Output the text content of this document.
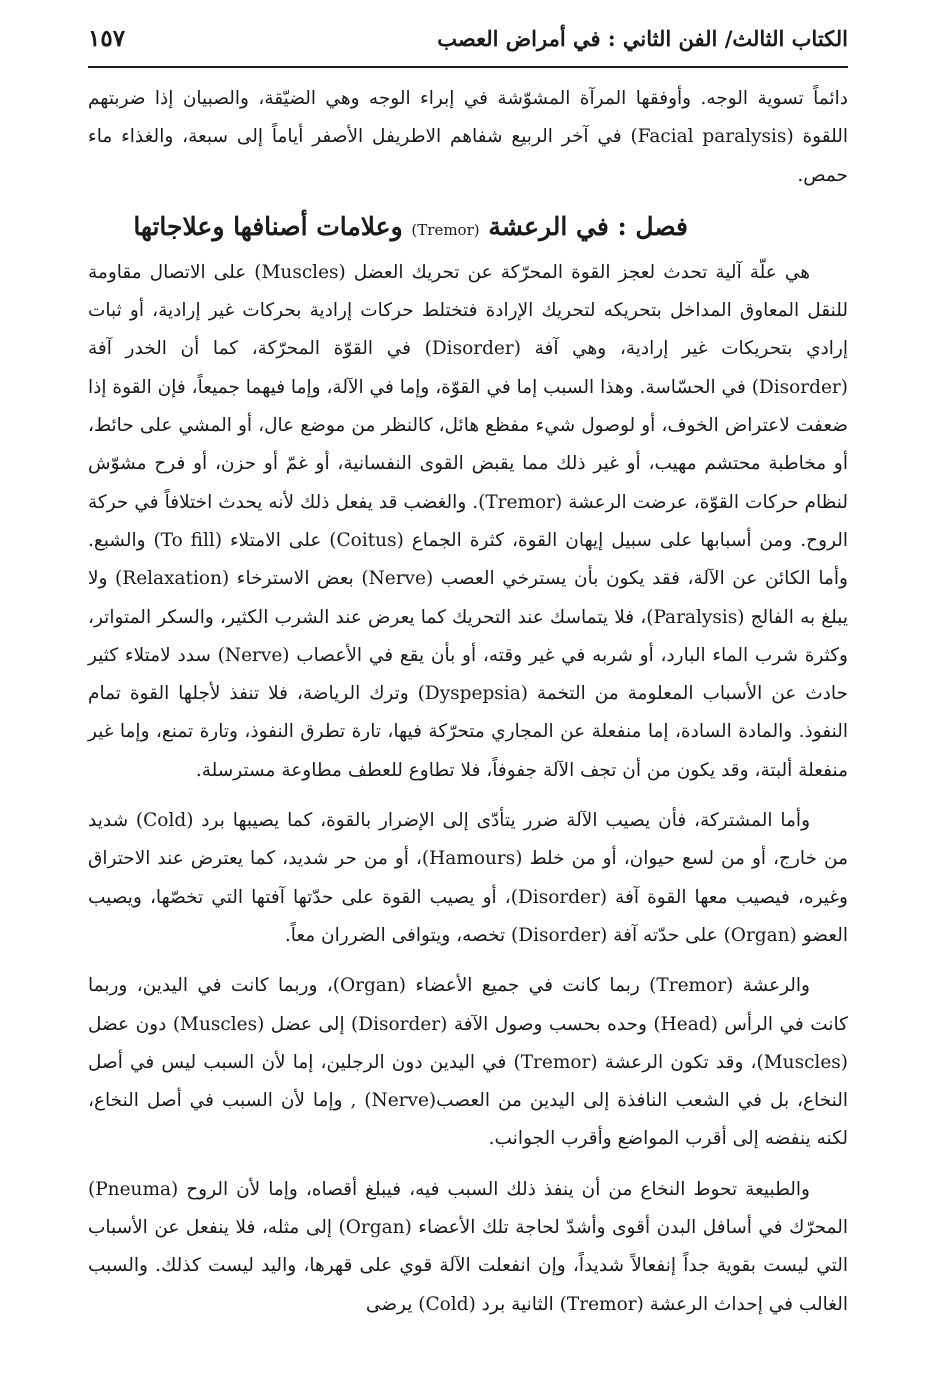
الكتاب الثالث/ الفن الثاني : في أمراض العصب
١٥٧

دائماً تسوية الوجه. وأوفقها المرآة المشوّشة في إبراء الوجه وهي الضيّقة، والصبيان إذا ضربتهم اللقوة (Facial paralysis) في آخر الربيع شفاهم الاطريفل الأصفر أياماً إلى سبعة، والغذاء ماء حمص.

فصل : في الرعشة (Tremor) وعلامات أصنافها وعلاجاتها

هي علّة آلية تحدث لعجز القوة المحرّكة عن تحريك العضل (Muscles) على الاتصال مقاومة للنقل المعاوق المداخل بتحريكه لتحريك الإرادة فتختلط حركات إرادية بحركات غير إرادية، أو ثبات إرادي بتحريكات غير إرادية، وهي آفة (Disorder) في القوّة المحرّكة، كما أن الخدر آفة (Disorder) في الحسّاسة. وهذا السبب إما في القوّة، وإما في الآلة، وإما فيهما جميعاً، فإن القوة إذا ضعفت لاعتراض الخوف، أو لوصول شيء مفظع هائل، كالنظر من موضع عال، أو المشي على حائط، أو مخاطبة محتشم مهيب، أو غير ذلك مما يقبض القوى النفسانية، أو غمّ أو حزن، أو فرح مشوّش لنظام حركات القوّة، عرضت الرعشة (Tremor). والغضب قد يفعل ذلك لأنه يحدث اختلافاً في حركة الروح. ومن أسبابها على سبيل إيهان القوة، كثرة الجماع (Coitus) على الامتلاء (To fill) والشبع. وأما الكائن عن الآلة، فقد يكون بأن يسترخي العصب (Nerve) بعض الاسترخاء (Relaxation) ولا يبلغ به الفالج (Paralysis)، فلا يتماسك عند التحريك كما يعرض عند الشرب الكثير، والسكر المتواتر، وكثرة شرب الماء البارد، أو شربه في غير وقته، أو بأن يقع في الأعصاب (Nerve) سدد لامتلاء كثير حادث عن الأسباب المعلومة من التخمة (Dyspepsia) وترك الرياضة، فلا تنفذ لأجلها القوة تمام النفوذ. والمادة السادة، إما منفعلة عن المجاري متحرّكة فيها، تارة تطرق النفوذ، وتارة تمنع، وإما غير منفعلة ألبتة، وقد يكون من أن تجف الآلة جفوفاً، فلا تطاوع للعطف مطاوعة مسترسلة.

وأما المشتركة، فأن يصيب الآلة ضرر يتأدّى إلى الإضرار بالقوة، كما يصيبها برد (Cold) شديد من خارج، أو من لسع حيوان، أو من خلط (Hamours)، أو من حر شديد، كما يعترض عند الاحتراق وغيره، فيصيب معها القوة آفة (Disorder)، أو يصيب القوة على حدّتها آفتها التي تخصّها، ويصيب العضو (Organ) على حدّته آفة (Disorder) تخصه، ويتوافى الضرران معاً.

والرعشة (Tremor) ربما كانت في جميع الأعضاء (Organ)، وربما كانت في اليدين، وربما كانت في الرأس (Head) وحده بحسب وصول الآفة (Disorder) إلى عضل (Muscles) دون عضل (Muscles)، وقد تكون الرعشة (Tremor) في اليدين دون الرجلين، إما لأن السبب ليس في أصل النخاع، بل في الشعب النافذة إلى اليدين من العصب(Nerve) , وإما لأن السبب في أصل النخاع، لكنه ينفضه إلى أقرب المواضع وأقرب الجوانب.

والطبيعة تحوط النخاع من أن ينفذ ذلك السبب فيه، فيبلغ أقصاه، وإما لأن الروح (Pneuma) المحرّك في أسافل البدن أقوى وأشدّ لحاجة تلك الأعضاء (Organ) إلى مثله، فلا ينفعل عن الأسباب التي ليست بقوية جداً إنفعالاً شديداً، وإن انفعلت الآلة قوي على قهرها، واليد ليست كذلك. والسبب الغالب في إحداث الرعشة (Tremor) الثانية برد (Cold) يرضى
